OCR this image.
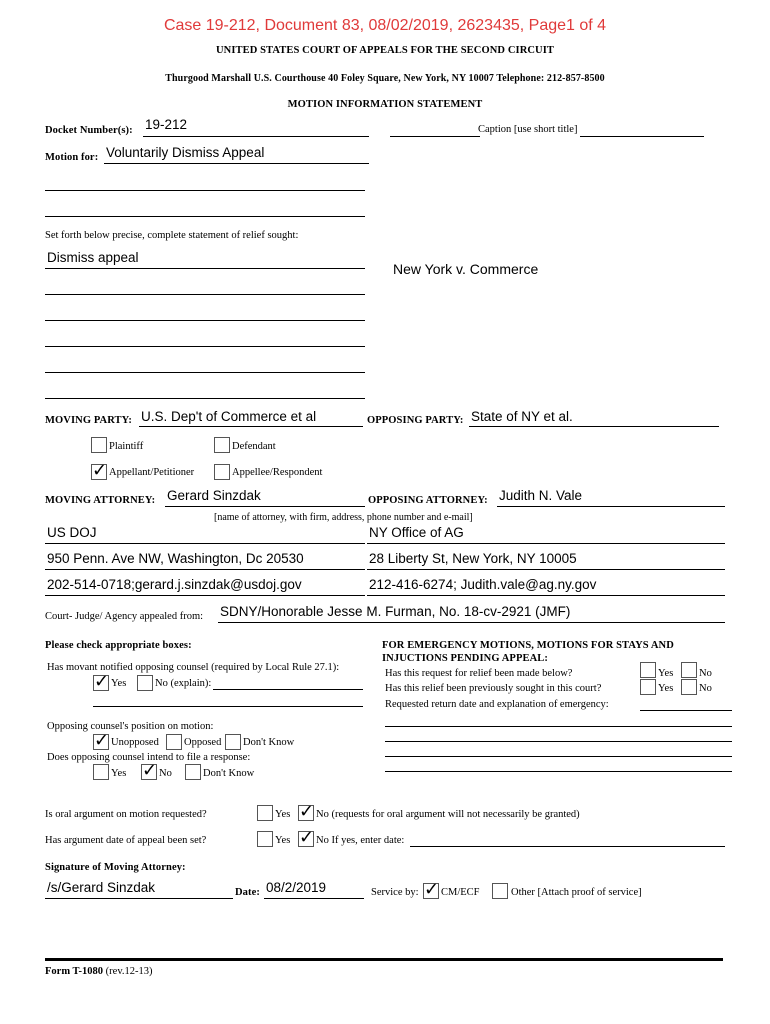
Case 19-212, Document 83, 08/02/2019, 2623435, Page1 of 4
UNITED STATES COURT OF APPEALS FOR THE SECOND CIRCUIT
Thurgood Marshall U.S. Courthouse 40 Foley Square, New York, NY 10007 Telephone: 212-857-8500
MOTION INFORMATION STATEMENT
Docket Number(s): 19-212	Caption [use short title]
Motion for: Voluntarily Dismiss Appeal
Set forth below precise, complete statement of relief sought:
Dismiss appeal
New York v. Commerce
MOVING PARTY: U.S. Dep't of Commerce et al	OPPOSING PARTY: State of NY et al.
Plaintiff	Defendant
✓ Appellant/Petitioner	Appellee/Respondent
MOVING ATTORNEY: Gerard Sinzdak	OPPOSING ATTORNEY: Judith N. Vale
[name of attorney, with firm, address, phone number and e-mail]
US DOJ	NY Office of AG
950 Penn. Ave NW, Washington, Dc 20530	28 Liberty St, New York, NY 10005
202-514-0718;gerard.j.sinzdak@usdoj.gov	212-416-6274; Judith.vale@ag.ny.gov
Court- Judge/ Agency appealed from: SDNY/Honorable Jesse M. Furman, No. 18-cv-2921 (JMF)
Please check appropriate boxes:
Has movant notified opposing counsel (required by Local Rule 27.1):
✓ Yes	No (explain):
Opposing counsel's position on motion:
✓ Unopposed Opposed Don't Know
Does opposing counsel intend to file a response:
Yes ✓ No	Don't Know
FOR EMERGENCY MOTIONS, MOTIONS FOR STAYS AND INJUCTIONS PENDING APPEAL:
Has this request for relief been made below?	Yes No
Has this relief been previously sought in this court?	Yes No
Requested return date and explanation of emergency:
Is oral argument on motion requested?	Yes ✓ No (requests for oral argument will not necessarily be granted)
Has argument date of appeal been set?	Yes ✓ No If yes, enter date:
Signature of Moving Attorney:
/s/Gerard Sinzdak	Date: 08/2/2019	Service by: ✓ CM/ECF	Other [Attach proof of service]
Form T-1080 (rev.12-13)
